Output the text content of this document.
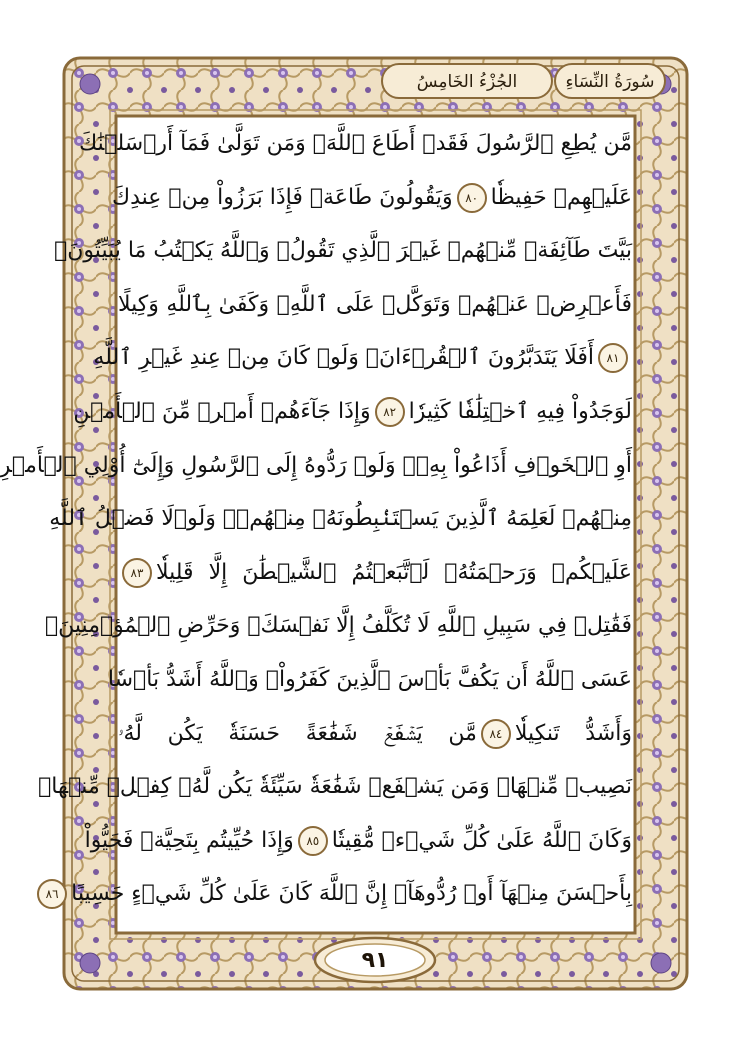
الجُزْءُ الخَامِسُ	سُورَةُ النِّسَاءِ
مَّن يُطِعِ ٱلرَّسُولَ فَقَدۡ أَطَاعَ ٱللَّهَۖ وَمَن تَوَلَّىٰ فَمَآ أَرۡسَلۡنَٰكَ
عَلَيۡهِمۡ حَفِيظٗا٨٠وَيَقُولُونَ طَاعَةٞ فَإِذَا بَرَزُواْ مِنۡ عِندِكَ
بَيَّتَ طَآئِفَةٞ مِّنۡهُمۡ غَيۡرَ ٱلَّذِي تَقُولُۖ وَٱللَّهُ يَكۡتُبُ مَا يُبَيِّتُونَۖ
فَأَعۡرِضۡ عَنۡهُمۡ وَتَوَكَّلۡ عَلَى ٱللَّهِۚ وَكَفَىٰ بِٱللَّهِ وَكِيلًا
٨١أَفَلَا يَتَدَبَّرُونَ ٱلۡقُرۡءَانَۚ وَلَوۡ كَانَ مِنۡ عِندِ غَيۡرِ ٱللَّهِ
لَوَجَدُواْ فِيهِ ٱخۡتِلَٰفٗا كَثِيرٗا٨٢وَإِذَا جَآءَهُمۡ أَمۡرٞ مِّنَ ٱلۡأَمۡنِ
أَوِ ٱلۡخَوۡفِ أَذَاعُواْ بِهِۦۖ وَلَوۡ رَدُّوهُ إِلَى ٱلرَّسُولِ وَإِلَىٰٓ أُوْلِي ٱلۡأَمۡرِ
مِنۡهُمۡ لَعَلِمَهُ ٱلَّذِينَ يَسۡتَنۢبِطُونَهُۥ مِنۡهُمۡۗ وَلَوۡلَا فَضۡلُ ٱللَّهِ
عَلَيۡكُمۡ وَرَحۡمَتُهُۥ لَٱتَّبَعۡتُمُ ٱلشَّيۡطَٰنَ إِلَّا قَلِيلٗا٨٣
فَقَٰتِلۡ فِي سَبِيلِ ٱللَّهِ لَا تُكَلَّفُ إِلَّا نَفۡسَكَۚ وَحَرِّضِ ٱلۡمُؤۡمِنِينَۖ
عَسَى ٱللَّهُ أَن يَكُفَّ بَأۡسَ ٱلَّذِينَ كَفَرُواْۚ وَٱللَّهُ أَشَدُّ بَأۡسٗا
وَأَشَدُّ تَنكِيلٗا٨٤مَّن يَشۡفَعۡ شَفَٰعَةً حَسَنَةٗ يَكُن لَّهُۥ
نَصِيبٞ مِّنۡهَاۖ وَمَن يَشۡفَعۡ شَفَٰعَةٗ سَيِّئَةٗ يَكُن لَّهُۥ كِفۡلٞ مِّنۡهَاۗ
وَكَانَ ٱللَّهُ عَلَىٰ كُلِّ شَيۡءٖ مُّقِيتٗا٨٥وَإِذَا حُيِّيتُم بِتَحِيَّةٖ فَحَيُّواْ
بِأَحۡسَنَ مِنۡهَآ أَوۡ رُدُّوهَآۗ إِنَّ ٱللَّهَ كَانَ عَلَىٰ كُلِّ شَيۡءٍ حَسِيبًا٨٦
٩١
